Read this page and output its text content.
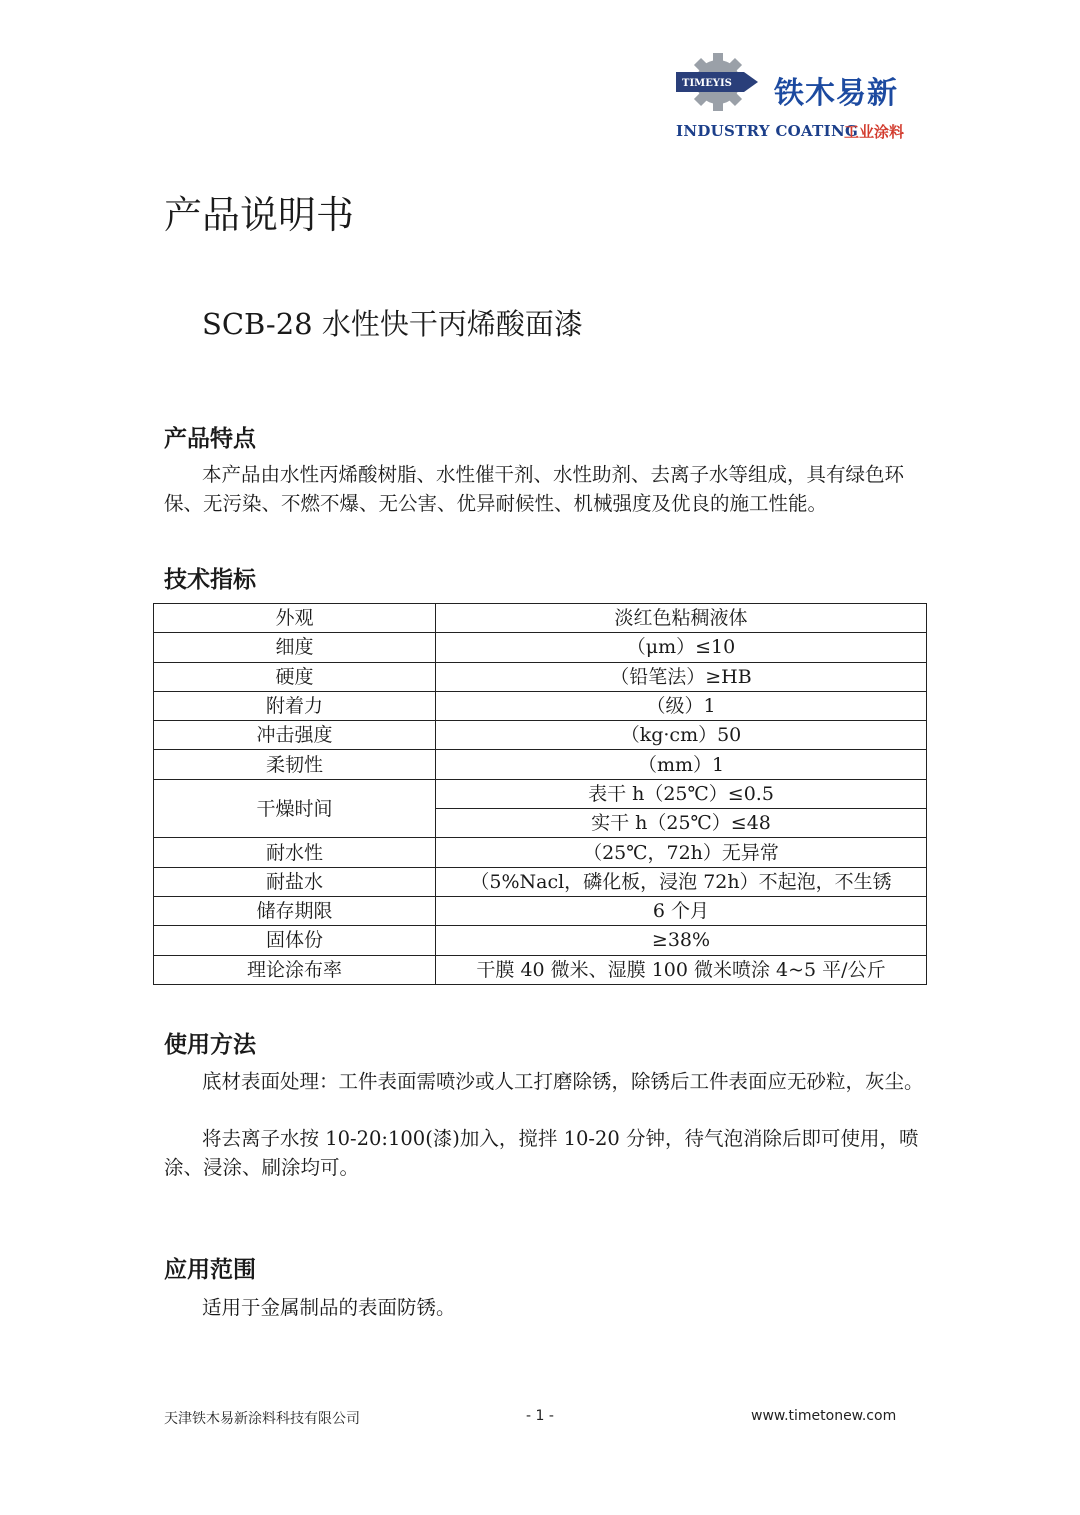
TIMEYIS 铁木易新
INDUSTRY COATING
工业涂料
产品说明书
SCB-28 水性快干丙烯酸面漆
产品特点

本产品由水性丙烯酸树脂、水性催干剂、水性助剂、去离子水等组成，具有绿色环保、无污染、不燃不爆、无公害、优异耐候性、机械强度及优良的施工性能。

技术指标
外观	淡红色粘稠液体
细度	（μm）≤10
硬度	（铅笔法）≥HB
附着力	（级）1
冲击强度	（kg·cm）50
柔韧性	（mm）1
干燥时间	表干 h（25℃）≤0.5
	实干 h（25℃）≤48
耐水性	（25℃，72h）无异常
耐盐水	（5%Nacl，磷化板，浸泡 72h）不起泡，不生锈
储存期限	6 个月
固体份	≥38%
理论涂布率	干膜 40 微米、湿膜 100 微米喷涂 4~5 平/公斤
使用方法

底材表面处理：工件表面需喷沙或人工打磨除锈，除锈后工件表面应无砂粒，灰尘。

将去离子水按 10-20:100(漆)加入，搅拌 10-20 分钟，待气泡消除后即可使用，喷涂、浸涂、刷涂均可。

应用范围

适用于金属制品的表面防锈。

天津铁木易新涂料科技有限公司	- 1 -	www.timetonew.com
